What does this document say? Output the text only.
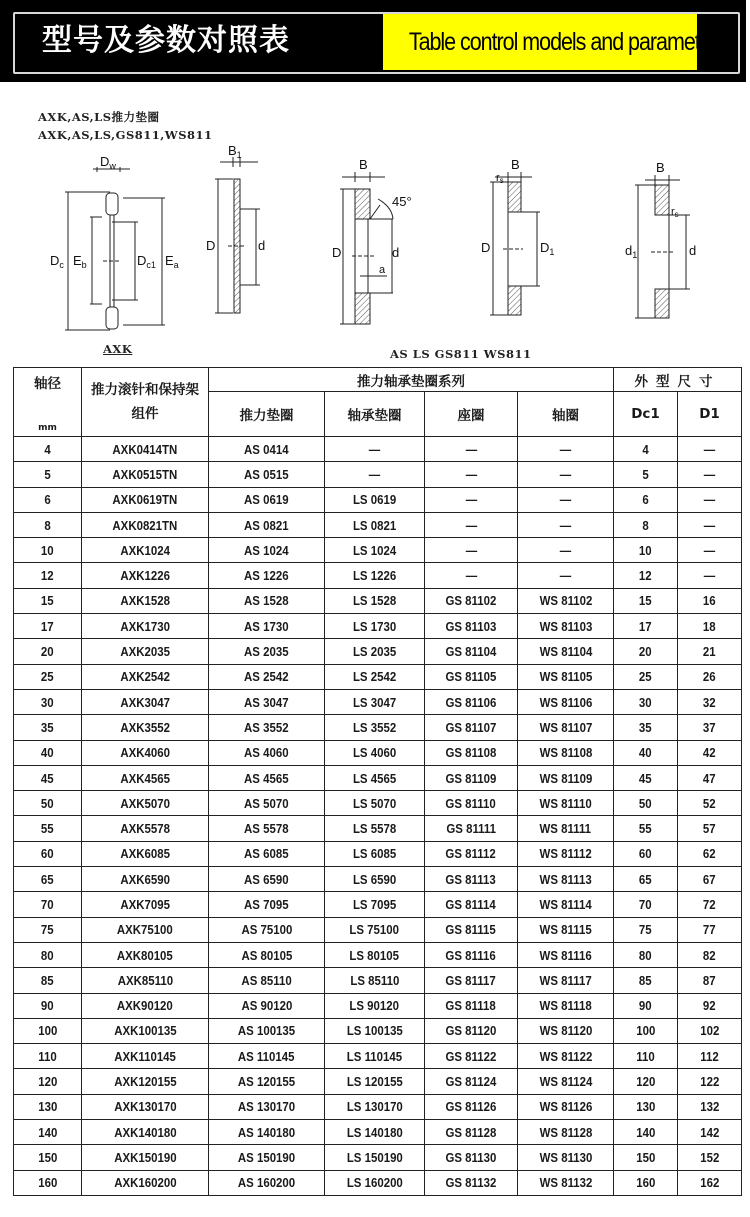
型号及参数对照表	Table control models and parameters
AXK,AS,LS推力垫圈
AXK,AS,LS,GS811,WS811
AXK	AS LS GS811 WS811
$D_w$
$D_c$ $E_b$	$D_{c1}$ $E_a$
$B_1$
D	d
B
45°
D	d
a
B
rs
D	$D_1$
B
rs
$d_1$	d
轴径
mm

推力滚针和保持架
组件
	推力轴承垫圈系列	外型尺寸
		推力垫圈	轴承垫圈	座圈	轴圈	Dc1	D1
4	AXK0414TN	AS 0414	—	—	—	4	—
5	AXK0515TN	AS 0515	—	—	—	5	—
6	AXK0619TN	AS 0619	LS 0619	—	—	6	—
8	AXK0821TN	AS 0821	LS 0821	—	—	8	—
10	AXK1024	AS 1024	LS 1024	—	—	10	—
12	AXK1226	AS 1226	LS 1226	—	—	12	—
15	AXK1528	AS 1528	LS 1528	GS 81102	WS 81102	15	16
17	AXK1730	AS 1730	LS 1730	GS 81103	WS 81103	17	18
20	AXK2035	AS 2035	LS 2035	GS 81104	WS 81104	20	21
25	AXK2542	AS 2542	LS 2542	GS 81105	WS 81105	25	26
30	AXK3047	AS 3047	LS 3047	GS 81106	WS 81106	30	32
35	AXK3552	AS 3552	LS 3552	GS 81107	WS 81107	35	37
40	AXK4060	AS 4060	LS 4060	GS 81108	WS 81108	40	42
45	AXK4565	AS 4565	LS 4565	GS 81109	WS 81109	45	47
50	AXK5070	AS 5070	LS 5070	GS 81110	WS 81110	50	52
55	AXK5578	AS 5578	LS 5578	GS 81111	WS 81111	55	57
60	AXK6085	AS 6085	LS 6085	GS 81112	WS 81112	60	62
65	AXK6590	AS 6590	LS 6590	GS 81113	WS 81113	65	67
70	AXK7095	AS 7095	LS 7095	GS 81114	WS 81114	70	72
75	AXK75100	AS 75100	LS 75100	GS 81115	WS 81115	75	77
80	AXK80105	AS 80105	LS 80105	GS 81116	WS 81116	80	82
85	AXK85110	AS 85110	LS 85110	GS 81117	WS 81117	85	87
90	AXK90120	AS 90120	LS 90120	GS 81118	WS 81118	90	92
100	AXK100135	AS 100135	LS 100135	GS 81120	WS 81120	100	102
110	AXK110145	AS 110145	LS 110145	GS 81122	WS 81122	110	112
120	AXK120155	AS 120155	LS 120155	GS 81124	WS 81124	120	122
130	AXK130170	AS 130170	LS 130170	GS 81126	WS 81126	130	132
140	AXK140180	AS 140180	LS 140180	GS 81128	WS 81128	140	142
150	AXK150190	AS 150190	LS 150190	GS 81130	WS 81130	150	152
160	AXK160200	AS 160200	LS 160200	GS 81132	WS 81132	160	162
